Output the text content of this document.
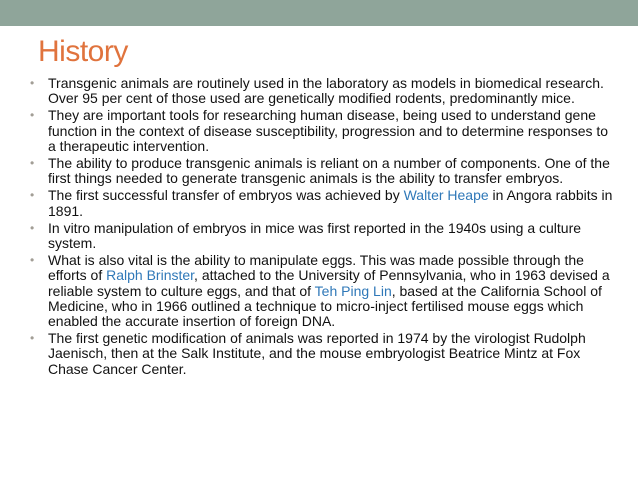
History
• Transgenic animals are routinely used in the laboratory as models in biomedical research. Over 95 per cent of those used are genetically modified rodents, predominantly mice.
• They are important tools for researching human disease, being used to understand gene function in the context of disease susceptibility, progression and to determine responses to a therapeutic intervention.
• The ability to produce transgenic animals is reliant on a number of components. One of the first things needed to generate transgenic animals is the ability to transfer embryos.
• The first successful transfer of embryos was achieved by Walter Heape in Angora rabbits in 1891.
• In vitro manipulation of embryos in mice was first reported in the 1940s using a culture system.
• What is also vital is the ability to manipulate eggs. This was made possible through the efforts of Ralph Brinster, attached to the University of Pennsylvania, who in 1963 devised a reliable system to culture eggs, and that of Teh Ping Lin, based at the California School of Medicine, who in 1966 outlined a technique to micro-inject fertilised mouse eggs which enabled the accurate insertion of foreign DNA.
• The first genetic modification of animals was reported in 1974 by the virologist Rudolph Jaenisch, then at the Salk Institute, and the mouse embryologist Beatrice Mintz at Fox Chase Cancer Center.
